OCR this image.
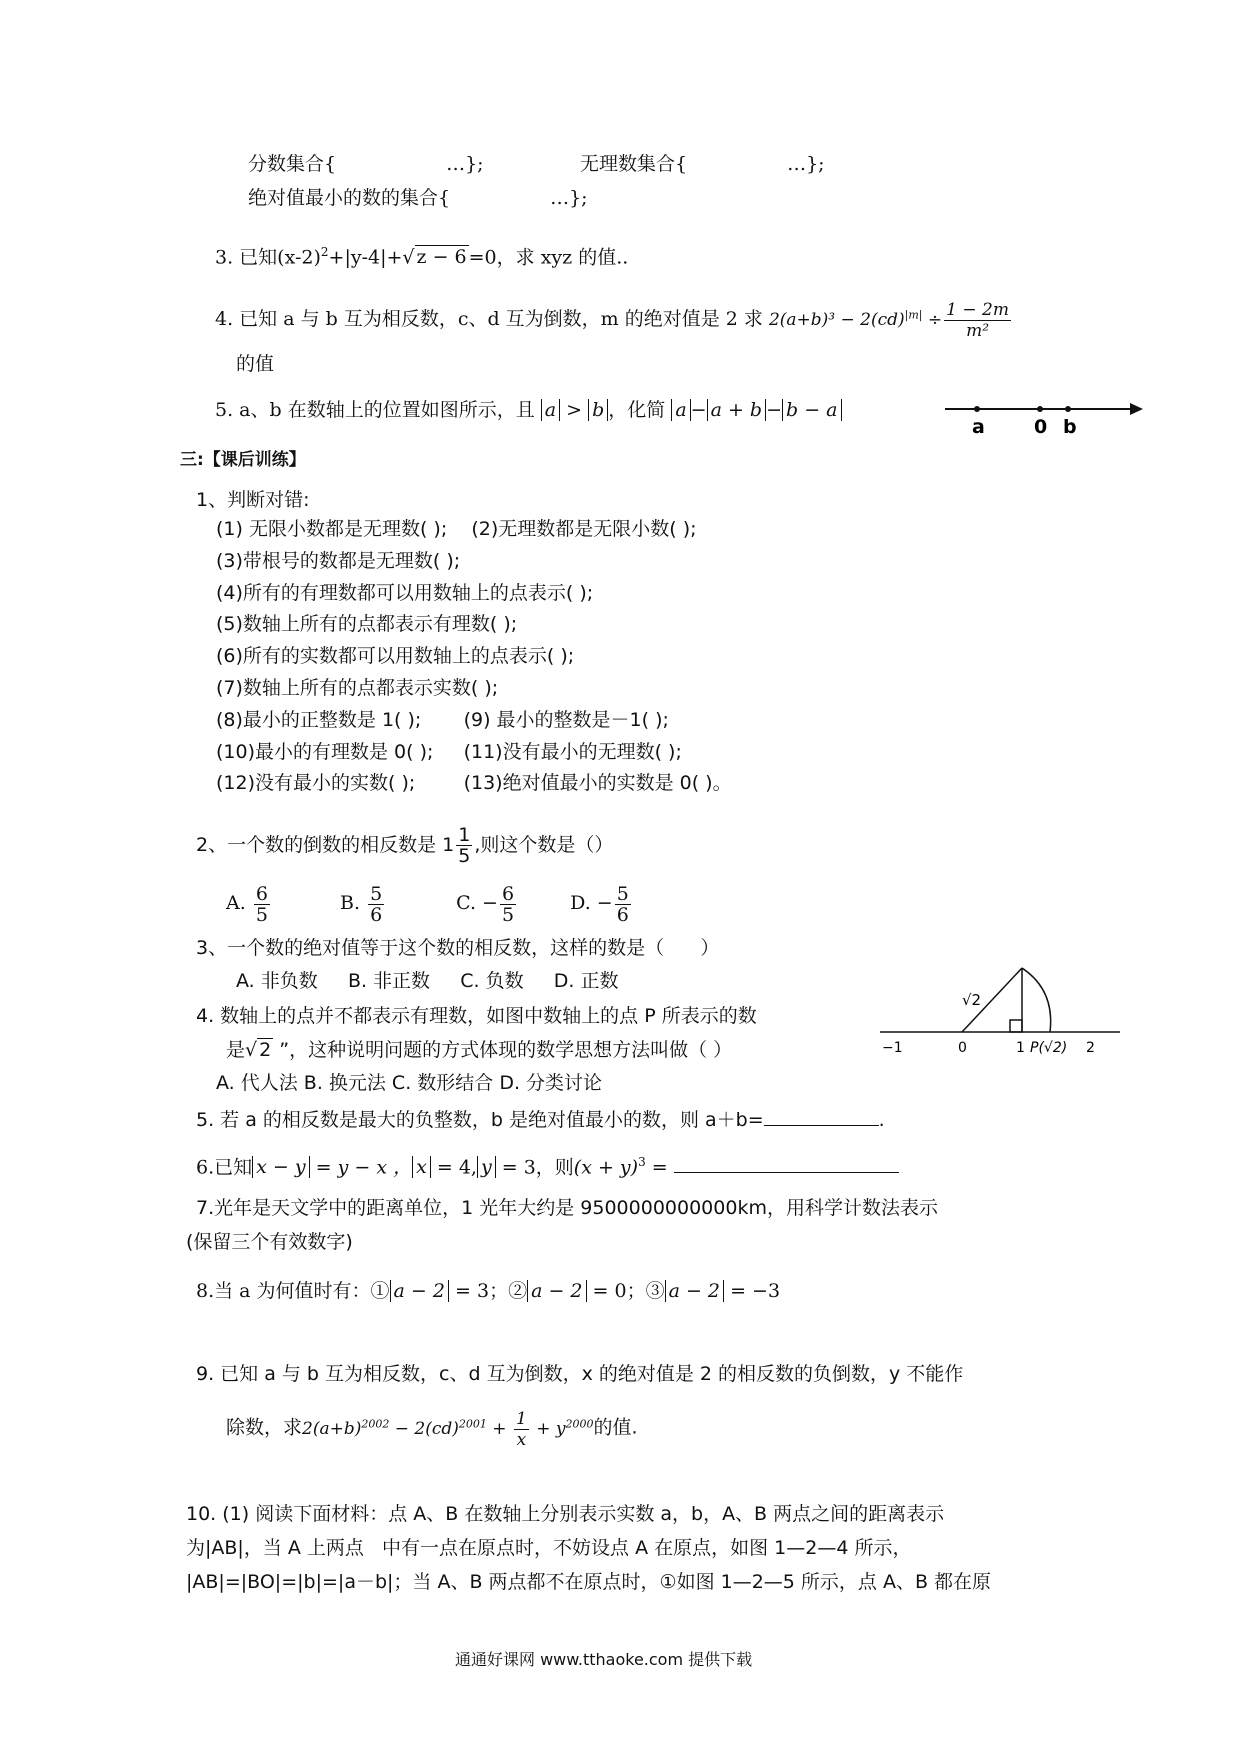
分数集合{	…};	无理数集合{	…};
绝对值最小的数的集合{	…};
3. 已知$(x-2)^2+|y-4|+√$ z − 6 =0，求 xyz 的值..
4. 已知 a 与 b 互为相反数，c、d 互为倒数，m 的绝对值是 2 求 $2(a+b)^3 - 2(cd)^{|m|} \div \frac{1 - 2m}{\text{m²}}$
的值
5. a、b 在数轴上的位置如图所示，且 a > b ，化简 a − a + b − b − a
a	0 b
三:【课后训练】
1、判断对错:
(1) 无限小数都是无理数( );    (2)无理数都是无限小数( );
(3)带根号的数都是无理数( );
(4)所有的有理数都可以用数轴上的点表示( );
(5)数轴上所有的点都表示有理数( );
(6)所有的实数都可以用数轴上的点表示( );
(7)数轴上所有的点都表示实数( );
(8)最小的正整数是 1( );       (9) 最小的整数是－1( );
(10)最小的有理数是 0( );     (11)没有最小的无理数( );
(12)没有最小的实数( );        (13)绝对值最小的实数是 0( )。
2、一个数的倒数的相反数是 $1 \frac{1}{5}$ ,则这个数是（）
A. $\frac{6}{5}$	B. $\frac{5}{6}$	C. − $\frac{6}{5}$	D. − $\frac{5}{6}$
3、一个数的绝对值等于这个数的相反数，这样的数是（      ）
A. 非负数     B. 非正数     C. 负数     D. 正数
4. 数轴上的点并不都表示有理数，如图中数轴上的点 P 所表示的数
是√ 2 ”，这种说明问题的方式体现的数学思想方法叫做（ ）
A. 代人法 B. 换元法 C. 数形结合 D. 分类讨论
√2
−1	0	1 P(√2) 2
5. 若 a 的相反数是最大的负整数，b 是绝对值最小的数，则 a＋b=	.
6.已知 x − y = y − x ， x = 4, y = 3，则$(x + y)^3$ =
7.光年是天文学中的距离单位，1 光年大约是 9500000000000km，用科学计数法表示
(保留三个有效数字)
8.当 a 为何值时有：① a − 2 = 3；② a − 2 = 0；③ a − 2 = −3
9. 已知 a 与 b 互为相反数，c、d 互为倒数，x 的绝对值是 2 的相反数的负倒数，y 不能作
除数，求$2(a+b)^{2002} - 2(cd)^{2001} + \frac{1}{x} + y^{2000}$的值.
10. (1) 阅读下面材料：点 A、B 在数轴上分别表示实数 a，b，A、B 两点之间的距离表示
为|AB|，当 A 上两点   中有一点在原点时，不妨设点 A 在原点，如图 1—2—4 所示，
|AB|=|BO|=|b|=|a－b|；当 A、B 两点都不在原点时，①如图 1—2—5 所示，点 A、B 都在原
通通好课网 www.tthaoke.com 提供下载
